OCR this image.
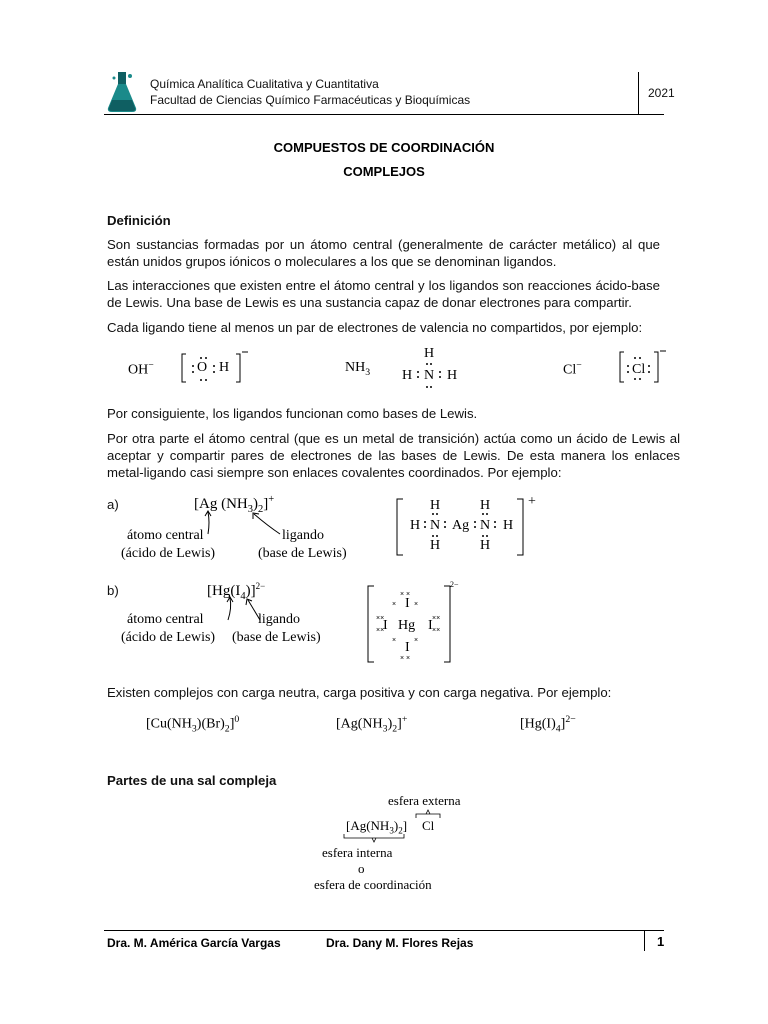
Química Analítica Cualitativa y Cuantitativa
Facultad de Ciencias Químico Farmacéuticas y Bioquímicas	2021
COMPUESTOS DE COORDINACIÓN
COMPLEJOS
Definición
Son sustancias formadas por un átomo central (generalmente de carácter metálico) al que están unidos grupos iónicos o moleculares a los que se denominan ligandos.
Las interacciones que existen entre el átomo central y los ligandos son reacciones ácido-base de Lewis. Una base de Lewis es una sustancia capaz de donar electrones para compartir.
Cada ligando tiene al menos un par de electrones de valencia no compartidos, por ejemplo:
OH−	O H	$NH_3$
H
H N H	Cl−	Cl
Por consiguiente, los ligandos funcionan como bases de Lewis.
Por otra parte el átomo central (que es un metal de transición) actúa como un ácido de Lewis al aceptar y compartir pares de electrones de las bases de Lewis. De esta manera los enlaces metal-ligando casi siempre son enlaces covalentes coordinados. Por ejemplo:
a)	[Ag $(NH_3)_2]^+$
átomo central
(ácido de Lewis)
ligando
(base de Lewis)
+
H
H N Ag N H
H
H	H
b)	$[Hg(I_4)]^{2-}$
átomo central
(ácido de Lewis)
ligando
(base de Lewis)
× ×
×	×
××	××
××	××
×	×
× ×
2−
I
I Hg I
I
Existen complejos con carga neutra, carga positiva y con carga negativa. Por ejemplo:
$[Cu(NH_3)(Br)_2]^0$	$[Ag(NH_3)_2]^+$	$[Hg(I)_4]^{2-}$
Partes de una sal compleja
esfera externa
$[Ag(NH_3)_2]$ Cl
esfera interna
o
esfera de coordinación
Dra. M. América García Vargas	Dra. Dany M. Flores Rejas	1
